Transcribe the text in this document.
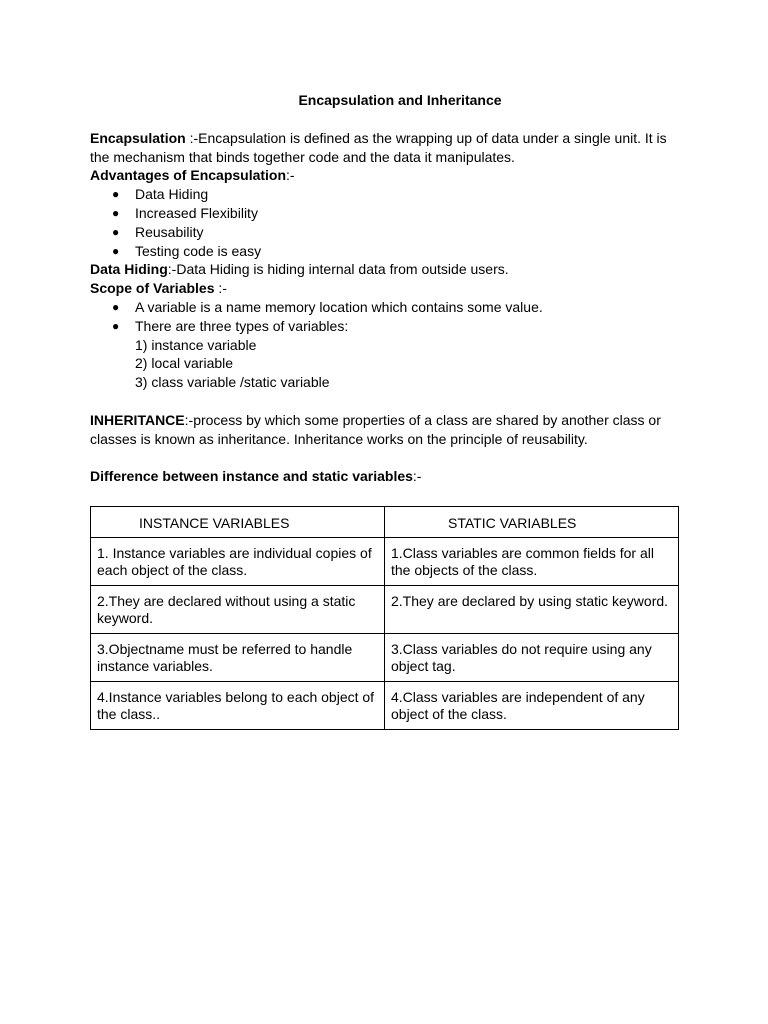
Encapsulation and Inheritance

Encapsulation :-Encapsulation is defined as the wrapping up of data under a single unit. It is the mechanism that binds together code and the data it manipulates.

Advantages of Encapsulation:-

● Data Hiding
● Increased Flexibility
● Reusability
● Testing code is easy

Data Hiding:-Data Hiding is hiding internal data from outside users.

Scope of Variables :-

● A variable is a name memory location which contains some value.
● There are three types of variables:
1) instance variable
2) local variable
3) class variable /static variable

INHERITANCE:-process by which some properties of a class are shared by another class or classes is known as inheritance. Inheritance works on the principle of reusability.

Difference between instance and static variables:-

INSTANCE VARIABLES	STATIC VARIABLES
1. Instance variables are individual copies of each object of the class.	1.Class variables are common fields for all the objects of the class.
2.They are declared without using a static keyword.	2.They are declared by using static keyword.
3.Objectname must be referred to handle instance variables.	3.Class variables do not require using any object tag.
4.Instance variables belong to each object of the class..	4.Class variables are independent of any object of the class.
